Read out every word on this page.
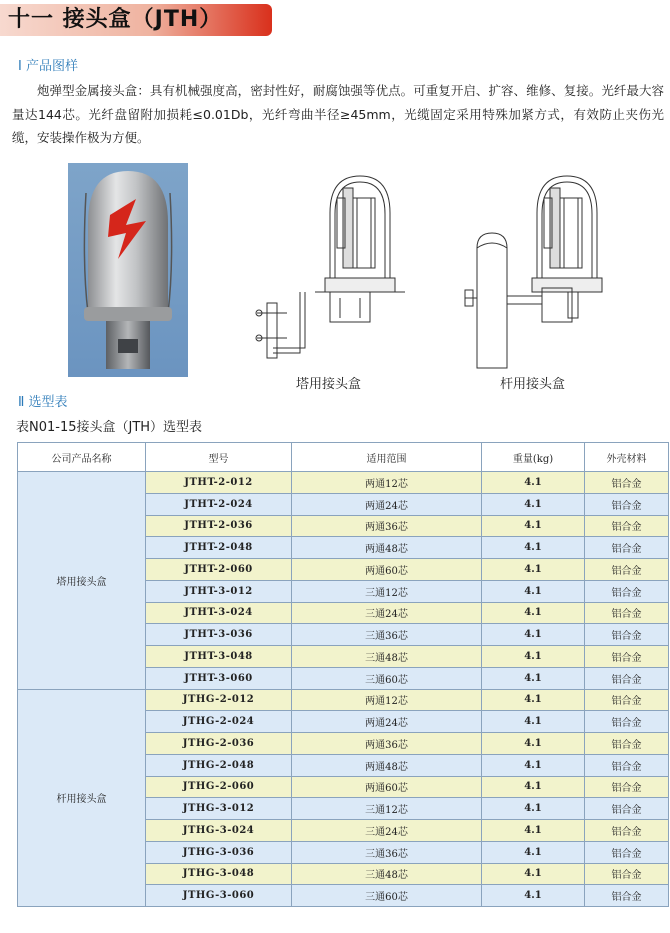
十一 接头盒（JTH）
Ⅰ 产品图样
炮弹型金属接头盒：具有机械强度高，密封性好，耐腐蚀强等优点。可重复开启、扩容、维修、复接。光纤最大容量达144芯。光纤盘留附加损耗≤0.01Db，光纤弯曲半径≥45mm，光缆固定采用特殊加紧方式，有效防止夹伤光缆，安装操作极为方便。
塔用接头盒	杆用接头盒
Ⅱ 选型表
表N01-15接头盒（JTH）选型表
公司产品名称	型号	适用范围	重量(kg)	外壳材料
塔用接头盒	JTHT-2-012	两通12芯	4.1	铝合金
	JTHT-2-024	两通24芯	4.1	铝合金
	JTHT-2-036	两通36芯	4.1	铝合金
	JTHT-2-048	两通48芯	4.1	铝合金
	JTHT-2-060	两通60芯	4.1	铝合金
	JTHT-3-012	三通12芯	4.1	铝合金
	JTHT-3-024	三通24芯	4.1	铝合金
	JTHT-3-036	三通36芯	4.1	铝合金
	JTHT-3-048	三通48芯	4.1	铝合金
	JTHT-3-060	三通60芯	4.1	铝合金
杆用接头盒	JTHG-2-012	两通12芯	4.1	铝合金
	JTHG-2-024	两通24芯	4.1	铝合金
	JTHG-2-036	两通36芯	4.1	铝合金
	JTHG-2-048	两通48芯	4.1	铝合金
	JTHG-2-060	两通60芯	4.1	铝合金
	JTHG-3-012	三通12芯	4.1	铝合金
	JTHG-3-024	三通24芯	4.1	铝合金
	JTHG-3-036	三通36芯	4.1	铝合金
	JTHG-3-048	三通48芯	4.1	铝合金
	JTHG-3-060	三通60芯	4.1	铝合金
